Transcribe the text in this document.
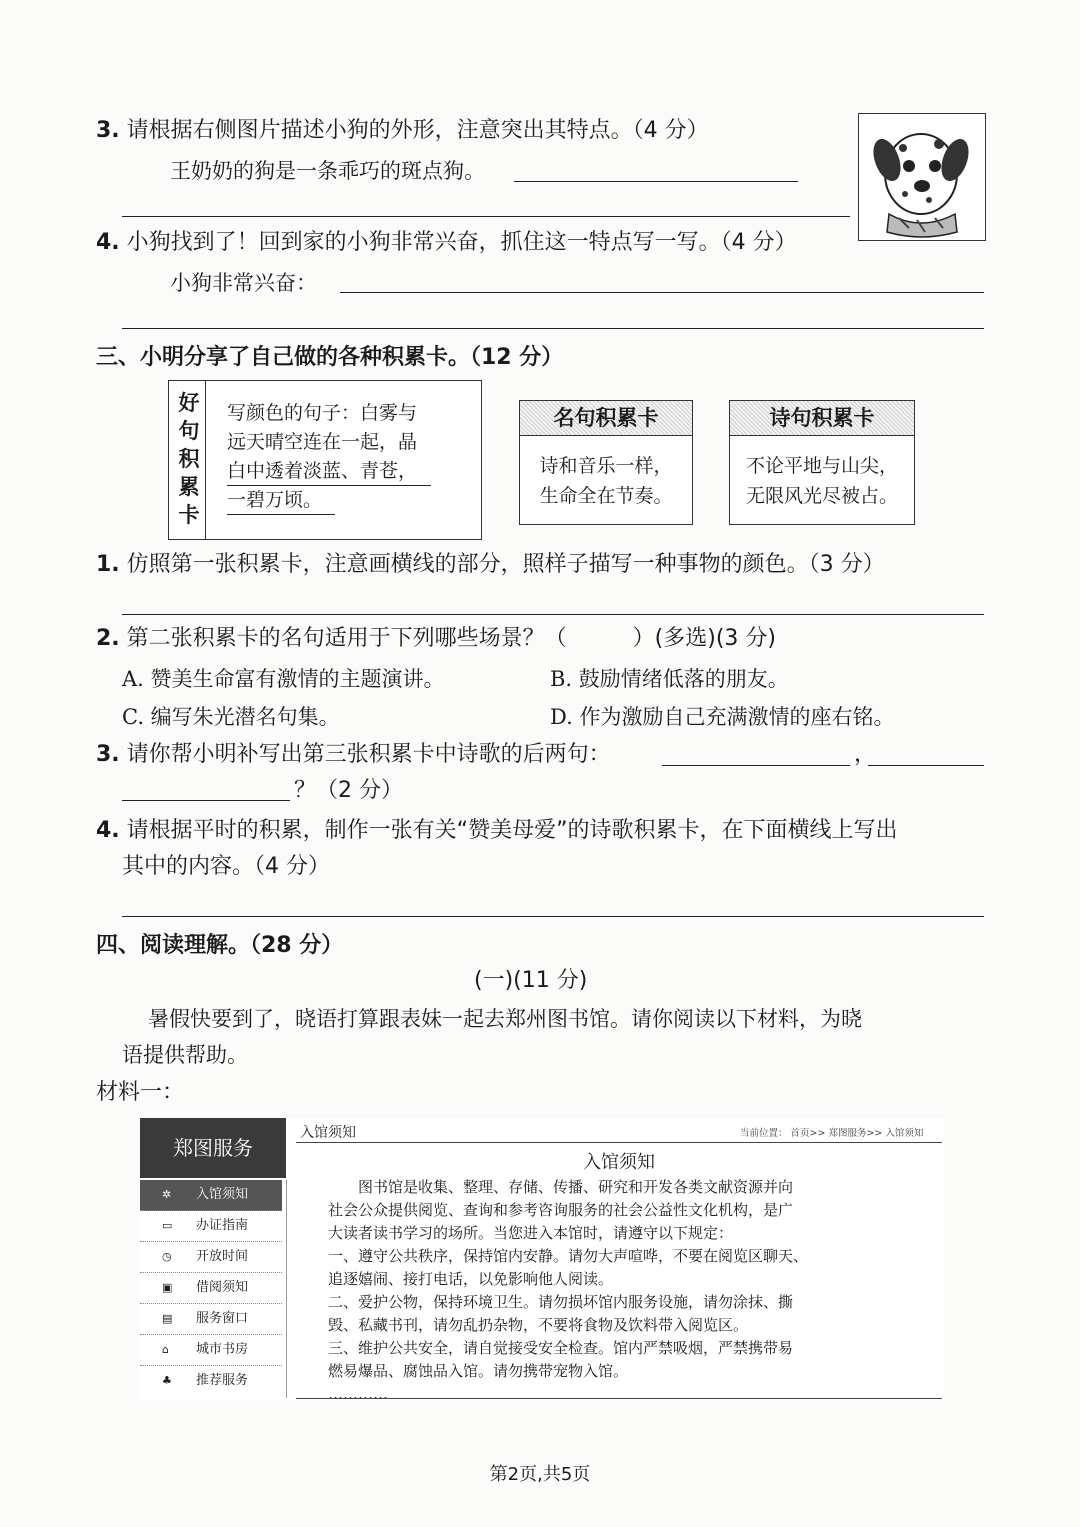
3. 请根据右侧图片描述小狗的外形，注意突出其特点。（4 分）
王奶奶的狗是一条乖巧的斑点狗。
4. 小狗找到了！回到家的小狗非常兴奋，抓住这一特点写一写。（4 分）
小狗非常兴奋：
三、小明分享了自己做的各种积累卡。（12 分）
好
句
积
累
卡
写颜色的句子：白雾与
远天晴空连在一起，晶
白中透着淡蓝、青苍，
一碧万顷。
名句积累卡
诗和音乐一样，
生命全在节奏。
诗句积累卡
不论平地与山尖，
无限风光尽被占。
1. 仿照第一张积累卡，注意画横线的部分，照样子描写一种事物的颜色。（3 分）
2. 第二张积累卡的名句适用于下列哪些场景？（　　　）(多选)(3 分)
A. 赞美生命富有激情的主题演讲。	B. 鼓励情绪低落的朋友。
C. 编写朱光潜名句集。	D. 作为激励自己充满激情的座右铭。
3. 请你帮小明补写出第三张积累卡中诗歌的后两句：	，
？（2 分）
4. 请根据平时的积累，制作一张有关“赞美母爱”的诗歌积累卡，在下面横线上写出
其中的内容。（4 分）
四、阅读理解。（28 分）
(一)(11 分)
暑假快要到了，晓语打算跟表妹一起去郑州图书馆。请你阅读以下材料，为晓
语提供帮助。
材料一：
郑图服务
✲ 入馆须知
▭ 办证指南
◷ 开放时间
▣ 借阅须知
▤ 服务窗口
⌂ 城市书房
♣ 推荐服务
入馆须知	当前位置： 首页>> 郑图服务>> 入馆须知
入馆须知
　　图书馆是收集、整理、存储、传播、研究和开发各类文献资源并向
社会公众提供阅览、查询和参考咨询服务的社会公益性文化机构，是广
大读者读书学习的场所。当您进入本馆时，请遵守以下规定：
一、遵守公共秩序，保持馆内安静。请勿大声喧哗，不要在阅览区聊天、
追逐嬉闹、接打电话，以免影响他人阅读。
二、爱护公物，保持环境卫生。请勿损坏馆内服务设施，请勿涂抹、撕
毁、私藏书刊，请勿乱扔杂物，不要将食物及饮料带入阅览区。
三、维护公共安全，请自觉接受安全检查。馆内严禁吸烟，严禁携带易
燃易爆品、腐蚀品入馆。请勿携带宠物入馆。
…………
第2页,共5页
